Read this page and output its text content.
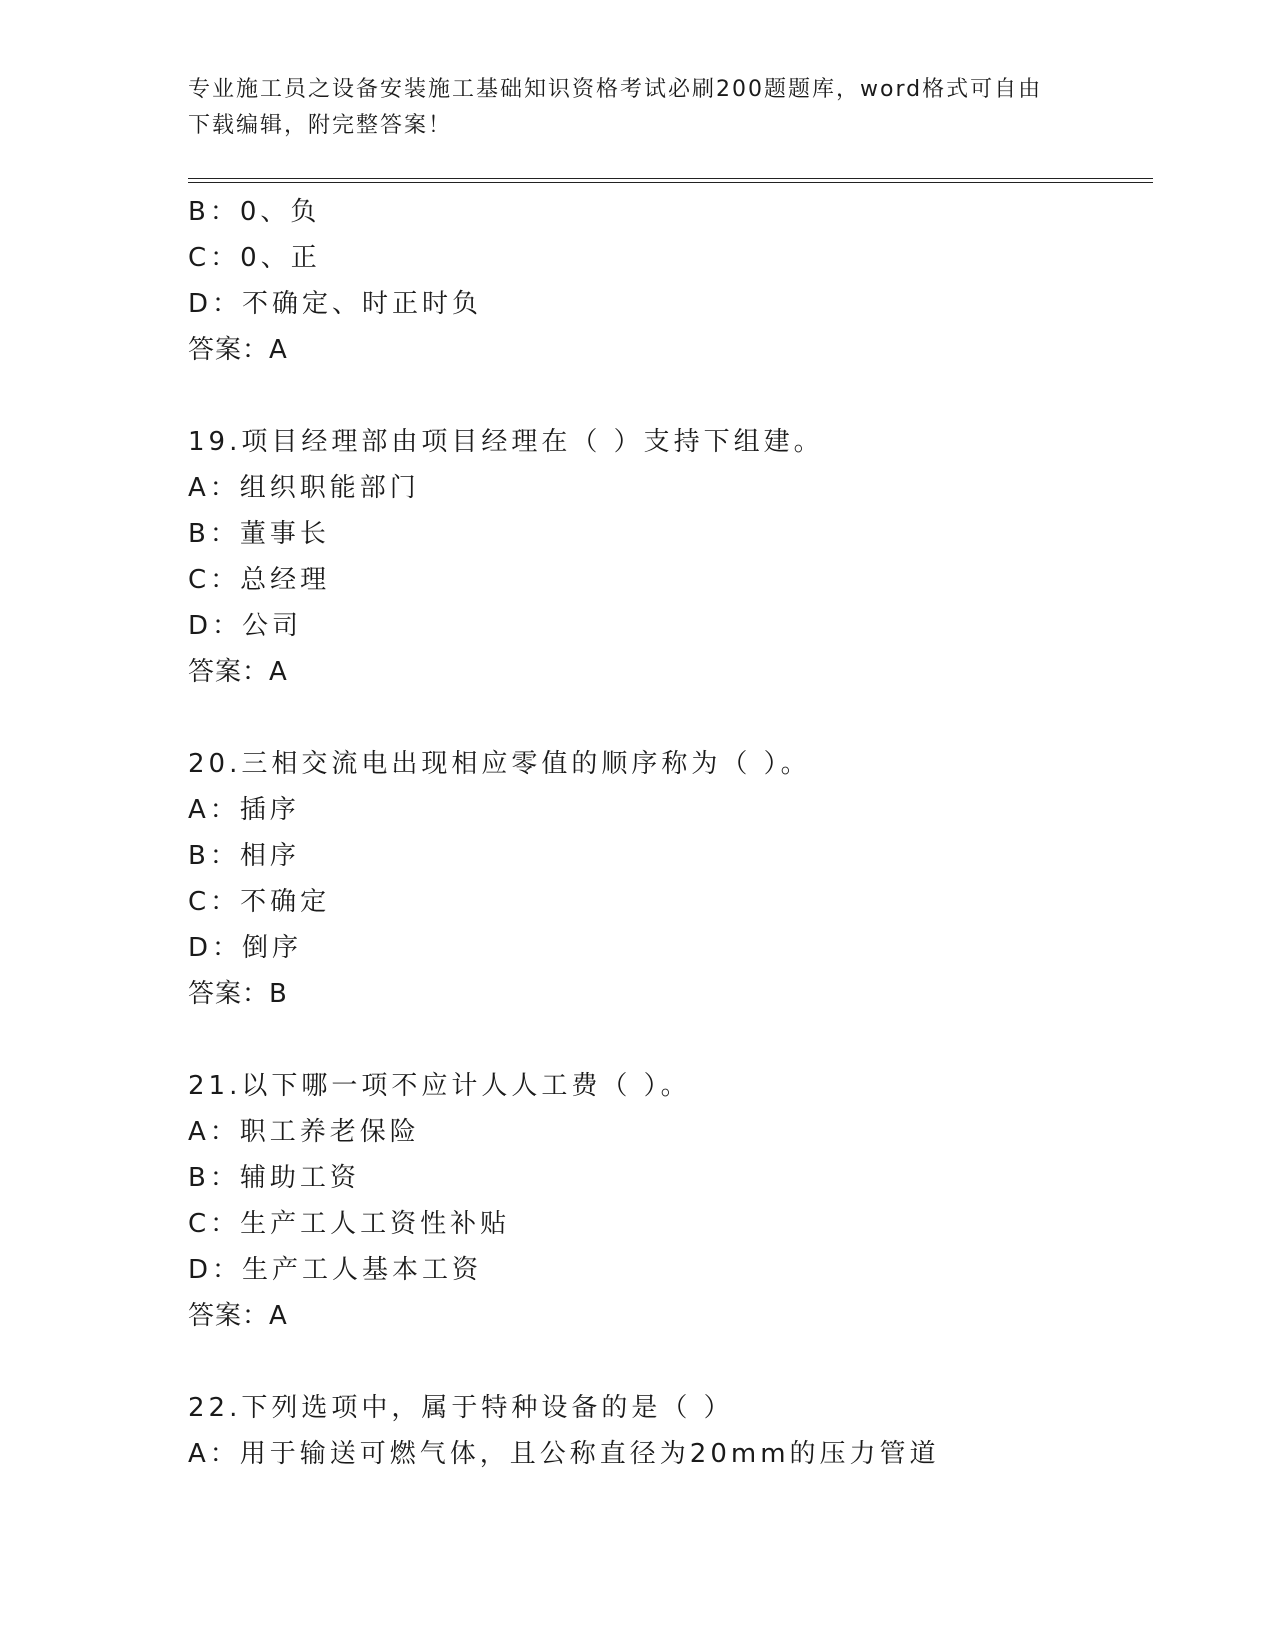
专业施工员之设备安装施工基础知识资格考试必刷200题题库，word格式可自由
下载编辑，附完整答案！
B：0、负
C：0、正
D：不确定、时正时负
答案：A
19.项目经理部由项目经理在（ ）支持下组建。
A：组织职能部门
B：董事长
C：总经理
D：公司
答案：A
20.三相交流电出现相应零值的顺序称为（ ）。
A：插序
B：相序
C：不确定
D：倒序
答案：B
21.以下哪一项不应计人人工费（ ）。
A：职工养老保险
B：辅助工资
C：生产工人工资性补贴
D：生产工人基本工资
答案：A
22.下列选项中，属于特种设备的是（ ）
A：用于输送可燃气体，且公称直径为20mm的压力管道
